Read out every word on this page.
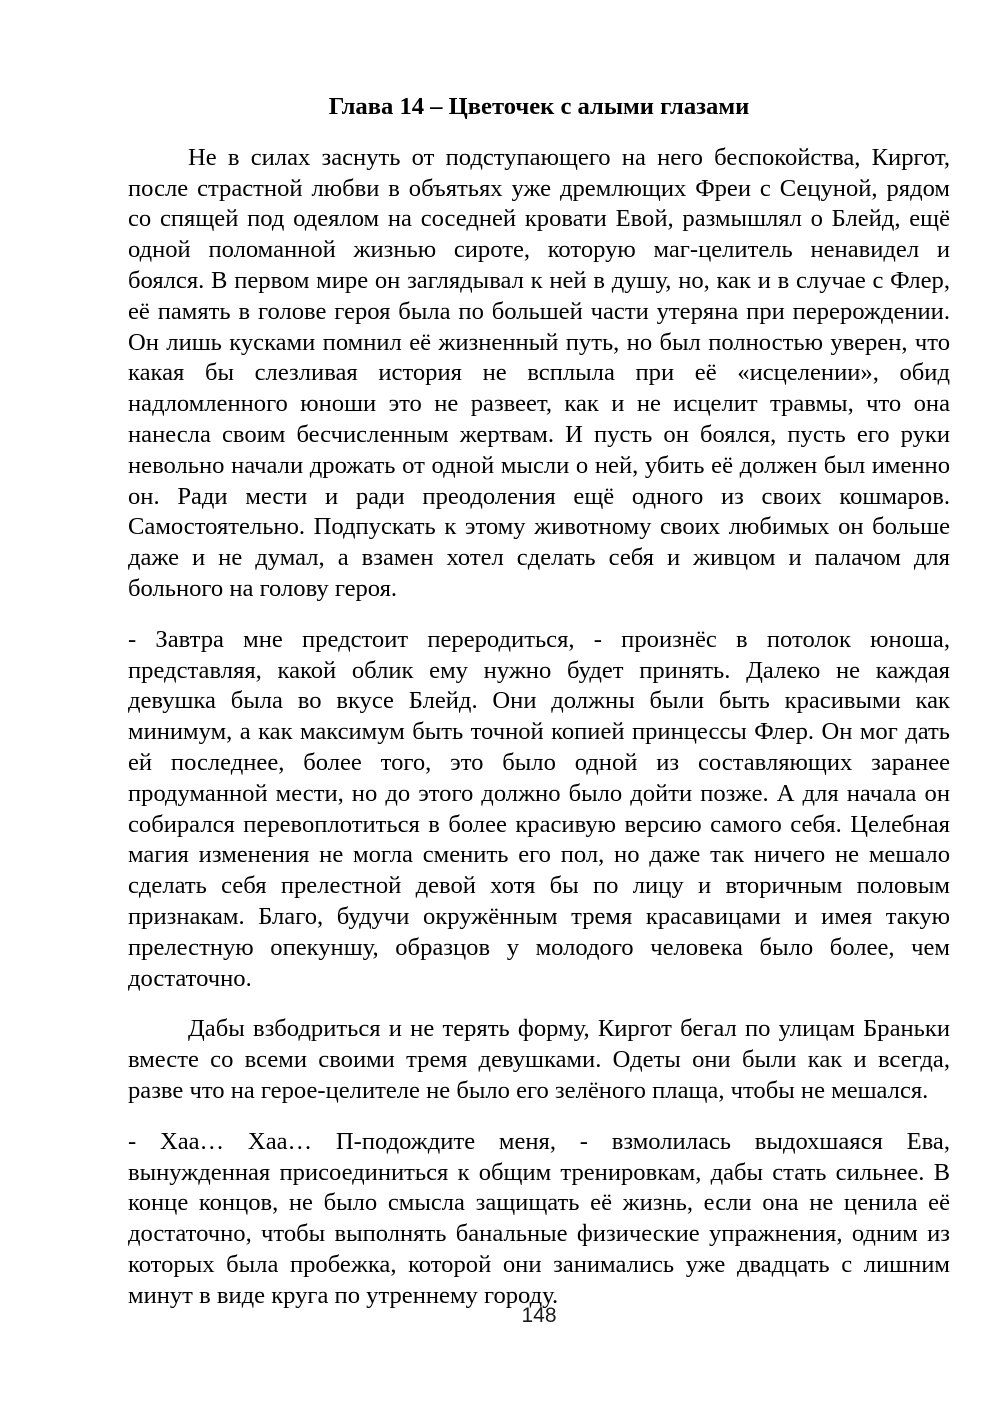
Глава 14 – Цветочек с алыми глазами

Не в силах заснуть от подступающего на него беспокойства, Киргот,
после страстной любви в объятьях уже дремлющих Фреи с Сецуной, рядом
со спящей под одеялом на соседней кровати Евой, размышлял о Блейд, ещё
одной поломанной жизнью сироте, которую маг-целитель ненавидел и
боялся. В первом мире он заглядывал к ней в душу, но, как и в случае с Флер,
её память в голове героя была по большей части утеряна при перерождении.
Он лишь кусками помнил её жизненный путь, но был полностью уверен, что
какая бы слезливая история не всплыла при её «исцелении», обид
надломленного юноши это не развеет, как и не исцелит травмы, что она
нанесла своим бесчисленным жертвам. И пусть он боялся, пусть его руки
невольно начали дрожать от одной мысли о ней, убить её должен был именно
он. Ради мести и ради преодоления ещё одного из своих кошмаров.
Самостоятельно. Подпускать к этому животному своих любимых он больше
даже и не думал, а взамен хотел сделать себя и живцом и палачом для
больного на голову героя.

- Завтра мне предстоит переродиться, - произнёс в потолок юноша,
представляя, какой облик ему нужно будет принять. Далеко не каждая
девушка была во вкусе Блейд. Они должны были быть красивыми как
минимум, а как максимум быть точной копией принцессы Флер. Он мог дать
ей последнее, более того, это было одной из составляющих заранее
продуманной мести, но до этого должно было дойти позже. А для начала он
собирался перевоплотиться в более красивую версию самого себя. Целебная
магия изменения не могла сменить его пол, но даже так ничего не мешало
сделать себя прелестной девой хотя бы по лицу и вторичным половым
признакам. Благо, будучи окружённым тремя красавицами и имея такую
прелестную опекуншу, образцов у молодого человека было более, чем
достаточно.

Дабы взбодриться и не терять форму, Киргот бегал по улицам Браньки
вместе со всеми своими тремя девушками. Одеты они были как и всегда,
разве что на герое-целителе не было его зелёного плаща, чтобы не мешался.

- Хаа… Хаа… П-подождите меня, - взмолилась выдохшаяся Ева,
вынужденная присоединиться к общим тренировкам, дабы стать сильнее. В
конце концов, не было смысла защищать её жизнь, если она не ценила её
достаточно, чтобы выполнять банальные физические упражнения, одним из
которых была пробежка, которой они занимались уже двадцать с лишним
минут в виде круга по утреннему городу.

148
